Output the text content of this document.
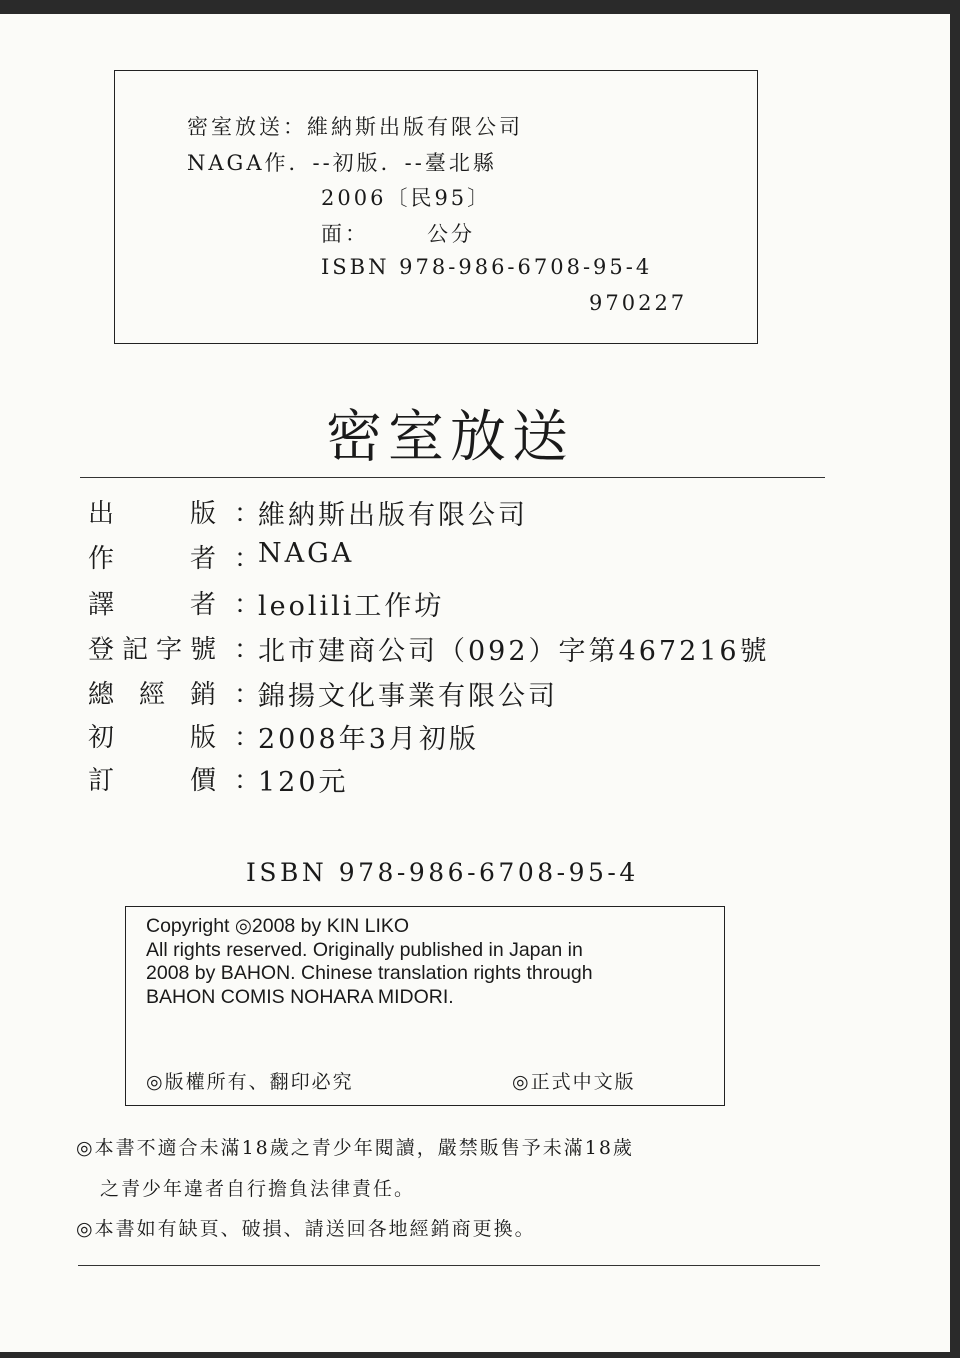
密室放送：維納斯出版有限公司
NAGA作．--初版．--臺北縣
2006〔民95〕
面：      公分
ISBN 978-986-6708-95-4
970227
密室放送
出	版 ：
維納斯出版有限公司
作	者 ：
NAGA
譯	者 ：
leolili工作坊
登 記 字 號 ：
北市建商公司（092）字第467216號
總 經 銷 ：
錦揚文化事業有限公司
初	版 ：
2008年3月初版
訂	價 ：
120元
ISBN 978-986-6708-95-4
Copyright ◎2008 by KIN LIKO
All rights reserved. Originally published in Japan in
2008 by BAHON. Chinese translation rights through
BAHON COMIS NOHARA MIDORI.
◎版權所有、翻印必究	◎正式中文版
◎本書不適合未滿18歲之青少年閱讀，嚴禁販售予未滿18歲
之青少年違者自行擔負法律責任。
◎本書如有缺頁、破損、請送回各地經銷商更換。
